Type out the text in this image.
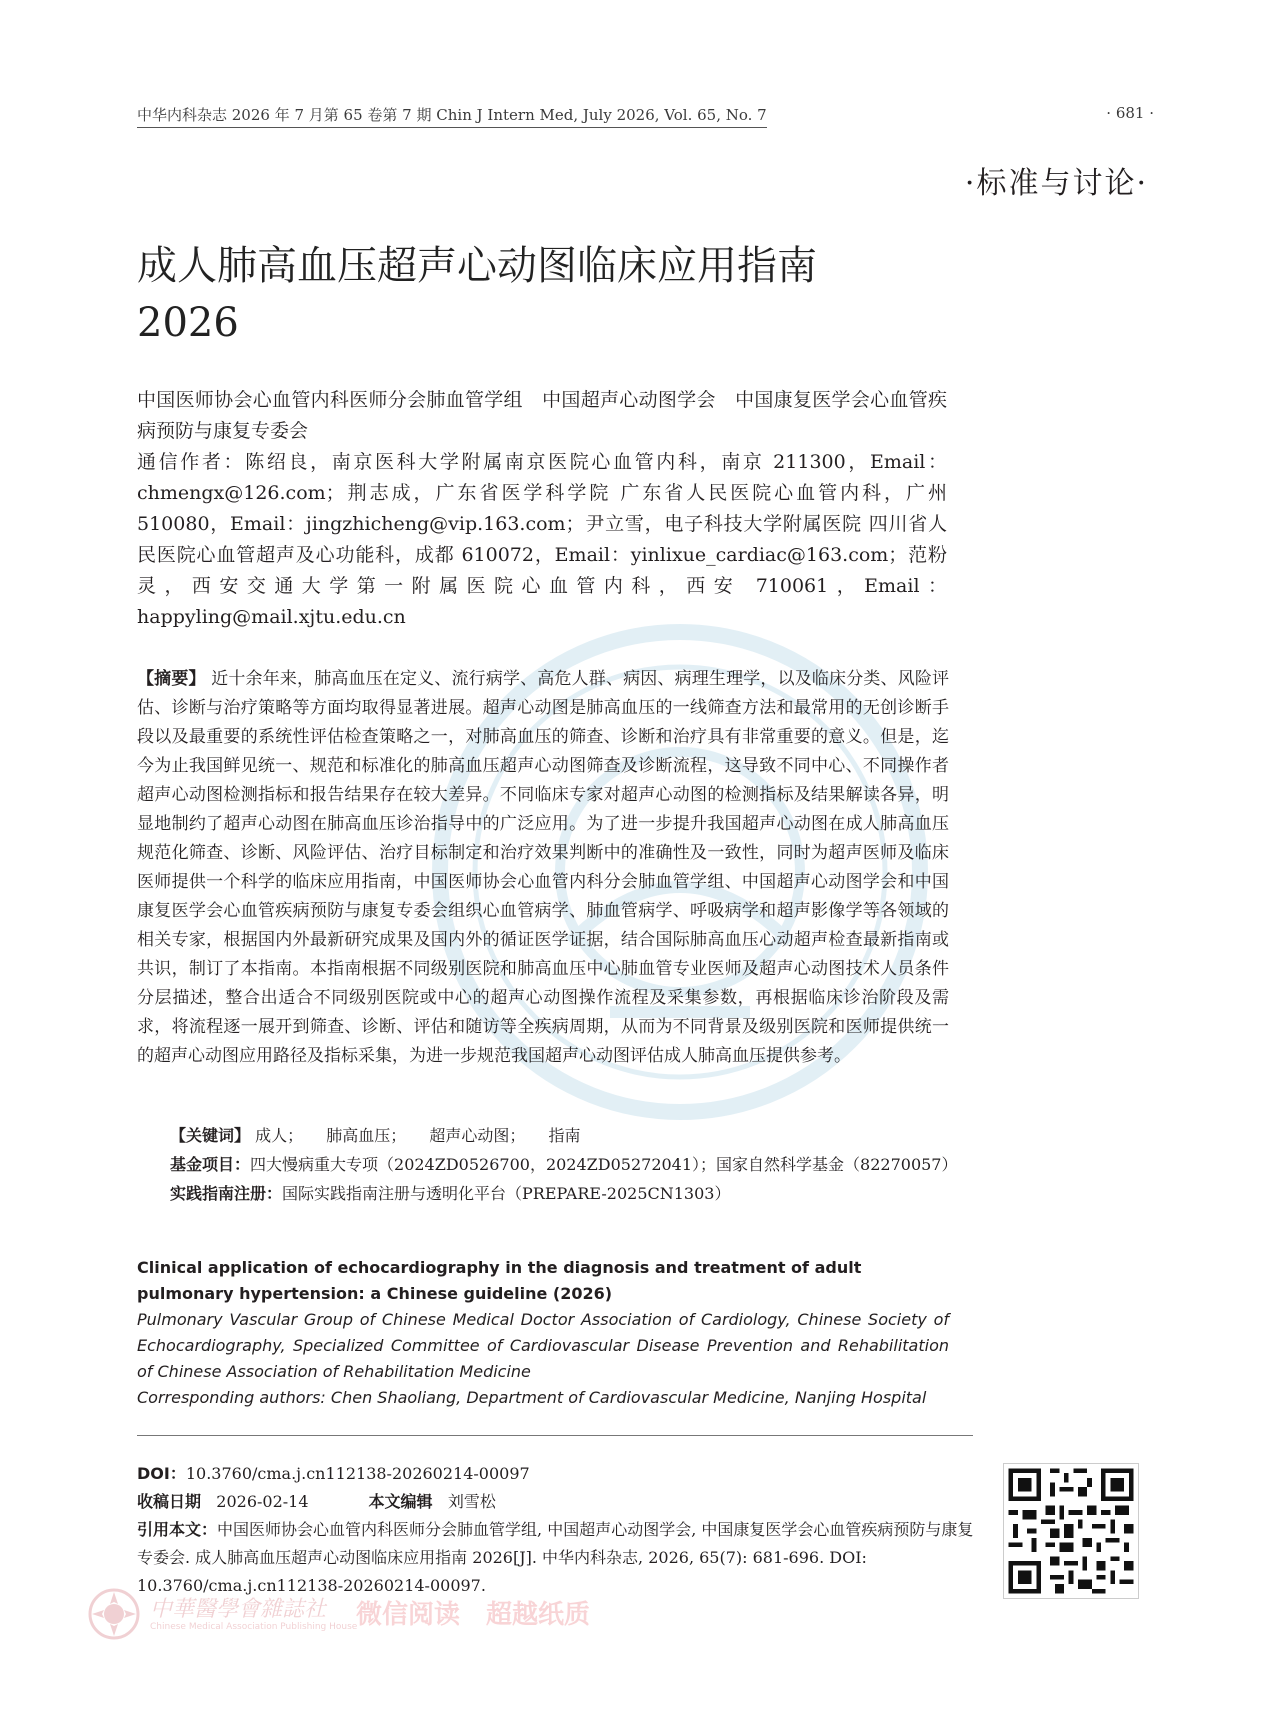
中华内科杂志 2026 年 7 月第 65 卷第 7 期 Chin J Intern Med, July 2026, Vol. 65, No. 7	· 681 ·
·标准与讨论·
成人肺高血压超声心动图临床应用指南
2026

中国医师协会心血管内科医师分会肺血管学组　中国超声心动图学会　中国康复医学会心血管疾病预防与康复专委会

通信作者：陈绍良，南京医科大学附属南京医院心血管内科，南京 211300，Email：chmengx@126.com；荆志成，广东省医学科学院 广东省人民医院心血管内科，广州 510080，Email：jingzhicheng@vip.163.com；尹立雪，电子科技大学附属医院 四川省人民医院心血管超声及心功能科，成都 610072，Email：yinlixue_cardiac@163.com；范粉灵，西安交通大学第一附属医院心血管内科，西安 710061，Email：happyling@mail.xjtu.edu.cn

【摘要】 近十余年来，肺高血压在定义、流行病学、高危人群、病因、病理生理学，以及临床分类、风险评估、诊断与治疗策略等方面均取得显著进展。超声心动图是肺高血压的一线筛查方法和最常用的无创诊断手段以及最重要的系统性评估检查策略之一，对肺高血压的筛查、诊断和治疗具有非常重要的意义。但是，迄今为止我国鲜见统一、规范和标准化的肺高血压超声心动图筛查及诊断流程，这导致不同中心、不同操作者超声心动图检测指标和报告结果存在较大差异。不同临床专家对超声心动图的检测指标及结果解读各异，明显地制约了超声心动图在肺高血压诊治指导中的广泛应用。为了进一步提升我国超声心动图在成人肺高血压规范化筛查、诊断、风险评估、治疗目标制定和治疗效果判断中的准确性及一致性，同时为超声医师及临床医师提供一个科学的临床应用指南，中国医师协会心血管内科分会肺血管学组、中国超声心动图学会和中国康复医学会心血管疾病预防与康复专委会组织心血管病学、肺血管病学、呼吸病学和超声影像学等各领域的相关专家，根据国内外最新研究成果及国内外的循证医学证据，结合国际肺高血压心动超声检查最新指南或共识，制订了本指南。本指南根据不同级别医院和肺高血压中心肺血管专业医师及超声心动图技术人员条件分层描述，整合出适合不同级别医院或中心的超声心动图操作流程及采集参数，再根据临床诊治阶段及需求，将流程逐一展开到筛查、诊断、评估和随访等全疾病周期，从而为不同背景及级别医院和医师提供统一的超声心动图应用路径及指标采集，为进一步规范我国超声心动图评估成人肺高血压提供参考。

【关键词】 成人； 肺高血压； 超声心动图； 指南
基金项目：四大慢病重大专项（2024ZD0526700，2024ZD05272041）；国家自然科学基金（82270057）
实践指南注册：国际实践指南注册与透明化平台（PREPARE-2025CN1303）

Clinical application of echocardiography in the diagnosis and treatment of adult pulmonary hypertension: a Chinese guideline (2026)

Pulmonary Vascular Group of Chinese Medical Doctor Association of Cardiology, Chinese Society of Echocardiography, Specialized Committee of Cardiovascular Disease Prevention and Rehabilitation of Chinese Association of Rehabilitation Medicine

Corresponding authors: Chen Shaoliang, Department of Cardiovascular Medicine, Nanjing Hospital

DOI：10.3760/cma.j.cn112138-20260214-00097

收稿日期 2026-02-14	本文编辑 刘雪松

引用本文：中国医师协会心血管内科医师分会肺血管学组, 中国超声心动图学会, 中国康复医学会心血管疾病预防与康复专委会. 成人肺高血压超声心动图临床应用指南 2026[J]. 中华内科杂志, 2026, 65(7): 681-696. DOI: 10.3760/cma.j.cn112138-20260214-00097.

中華醫學會雜誌社
Chinese Medical Association Publishing House
微信阅读　超越纸质
